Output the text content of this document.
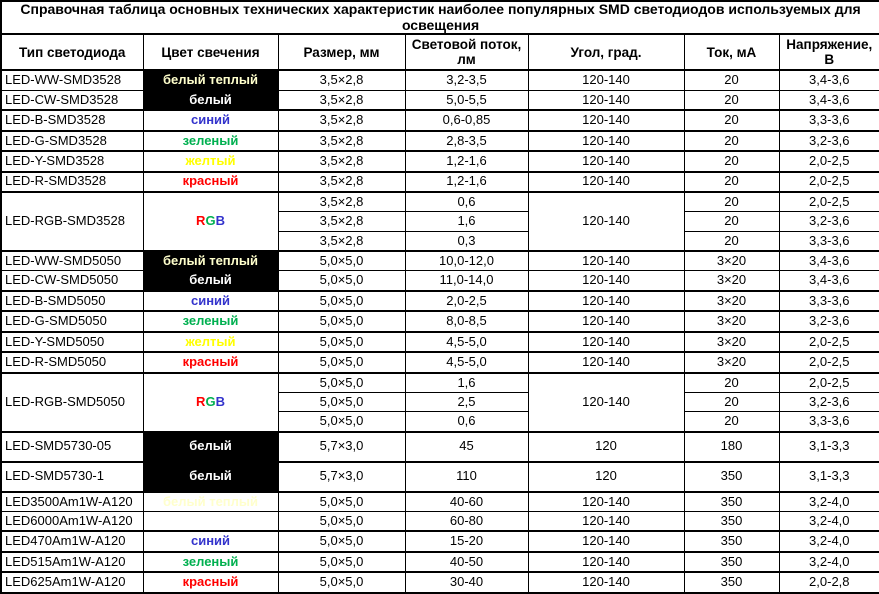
Справочная таблица основных технических характеристик наиболее популярных SMD светодиодов используемых для освещения						
Тип светодиода	Цвет свечения	Размер, мм	Световой поток, лм	Угол, град.	Ток, мА	Напряжение, В
LED-WW-SMD3528	белый теплый	3,5×2,8	3,2-3,5	120-140	20	3,4-3,6
LED-CW-SMD3528	белый	3,5×2,8	5,0-5,5	120-140	20	3,4-3,6
LED-B-SMD3528	синий	3,5×2,8	0,6-0,85	120-140	20	3,3-3,6
LED-G-SMD3528	зеленый	3,5×2,8	2,8-3,5	120-140	20	3,2-3,6
LED-Y-SMD3528	желтый	3,5×2,8	1,2-1,6	120-140	20	2,0-2,5
LED-R-SMD3528	красный	3,5×2,8	1,2-1,6	120-140	20	2,0-2,5
LED-RGB-SMD3528	RGB	3,5×2,8	0,6	120-140	20	2,0-2,5
		3,5×2,8	1,6		20	3,2-3,6
		3,5×2,8	0,3		20	3,3-3,6
LED-WW-SMD5050	белый теплый	5,0×5,0	10,0-12,0	120-140	3×20	3,4-3,6
LED-CW-SMD5050	белый	5,0×5,0	11,0-14,0	120-140	3×20	3,4-3,6
LED-B-SMD5050	синий	5,0×5,0	2,0-2,5	120-140	3×20	3,3-3,6
LED-G-SMD5050	зеленый	5,0×5,0	8,0-8,5	120-140	3×20	3,2-3,6
LED-Y-SMD5050	желтый	5,0×5,0	4,5-5,0	120-140	3×20	2,0-2,5
LED-R-SMD5050	красный	5,0×5,0	4,5-5,0	120-140	3×20	2,0-2,5
LED-RGB-SMD5050	RGB	5,0×5,0	1,6	120-140	20	2,0-2,5
		5,0×5,0	2,5		20	3,2-3,6
		5,0×5,0	0,6		20	3,3-3,6
LED-SMD5730-05	белый	5,7×3,0	45	120	180	3,1-3,3
LED-SMD5730-1	белый	5,7×3,0	110	120	350	3,1-3,3
LED3500Am1W-A120	белый теплый	5,0×5,0	40-60	120-140	350	3,2-4,0
LED6000Am1W-A120		5,0×5,0	60-80	120-140	350	3,2-4,0
LED470Am1W-A120	синий	5,0×5,0	15-20	120-140	350	3,2-4,0
LED515Am1W-A120	зеленый	5,0×5,0	40-50	120-140	350	3,2-4,0
LED625Am1W-A120	красный	5,0×5,0	30-40	120-140	350	2,0-2,8
